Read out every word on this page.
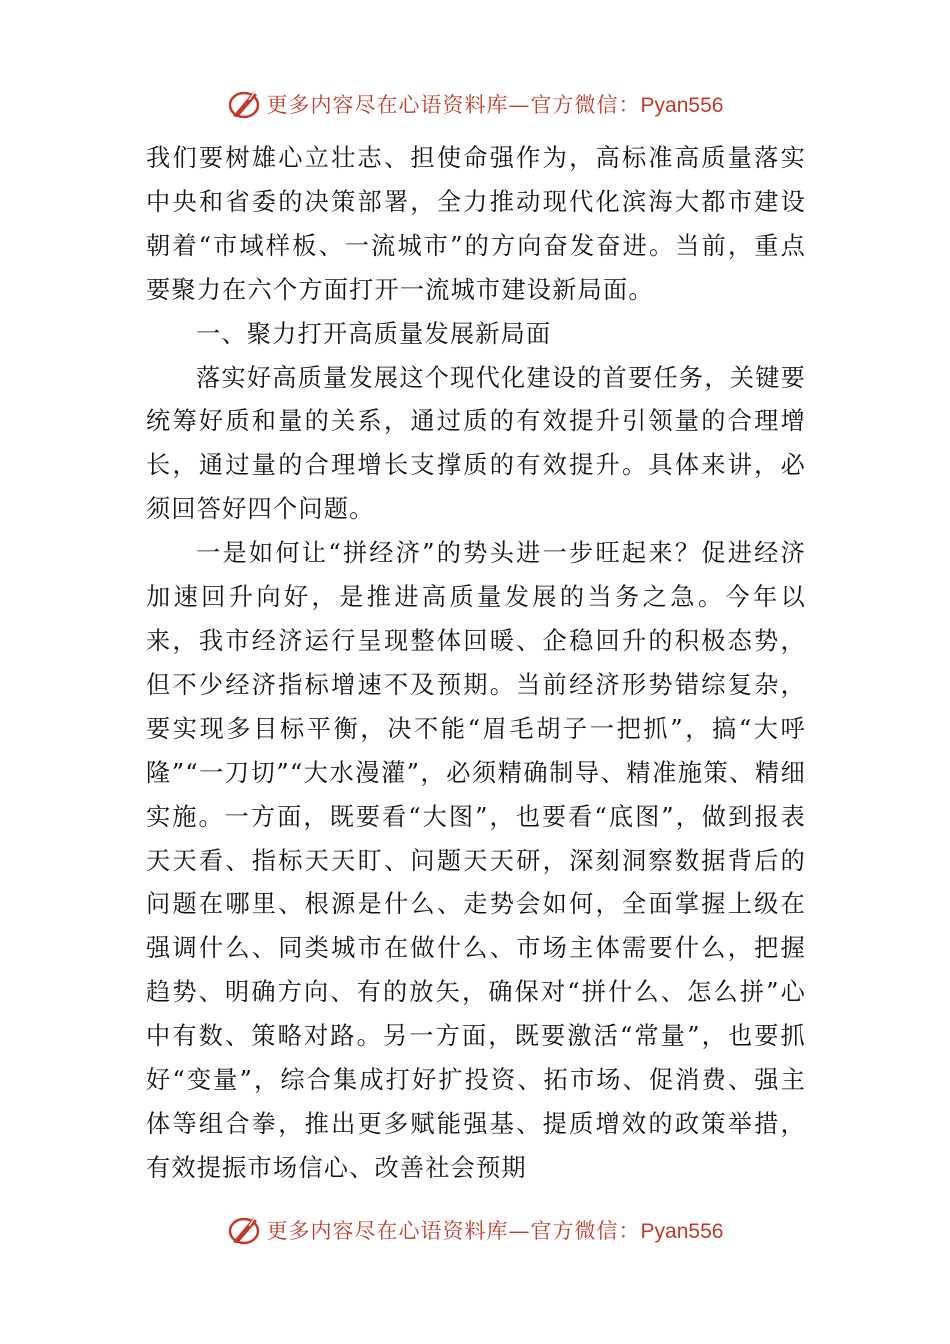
更多内容尽在心语资料库—官方微信：Pyan556

我们要树雄心立壮志、担使命强作为，高标准高质量落实中央和省委的决策部署，全力推动现代化滨海大都市建设朝着“市域样板、一流城市”的方向奋发奋进。当前，重点要聚力在六个方面打开一流城市建设新局面。

一、聚力打开高质量发展新局面

落实好高质量发展这个现代化建设的首要任务，关键要统筹好质和量的关系，通过质的有效提升引领量的合理增长，通过量的合理增长支撑质的有效提升。具体来讲，必须回答好四个问题。

一是如何让“拼经济”的势头进一步旺起来？促进经济加速回升向好，是推进高质量发展的当务之急。今年以来，我市经济运行呈现整体回暖、企稳回升的积极态势，但不少经济指标增速不及预期。当前经济形势错综复杂，要实现多目标平衡，决不能“眉毛胡子一把抓”，搞“大呼隆”“一刀切”“大水漫灌”，必须精确制导、精准施策、精细实施。一方面，既要看“大图”，也要看“底图”，做到报表天天看、指标天天盯、问题天天研，深刻洞察数据背后的问题在哪里、根源是什么、走势会如何，全面掌握上级在强调什么、同类城市在做什么、市场主体需要什么，把握趋势、明确方向、有的放矢，确保对“拼什么、怎么拼”心中有数、策略对路。另一方面，既要激活“常量”，也要抓好“变量”，综合集成打好扩投资、拓市场、促消费、强主体等组合拳，推出更多赋能强基、提质增效的政策举措，有效提振市场信心、改善社会预期

更多内容尽在心语资料库—官方微信：Pyan556
